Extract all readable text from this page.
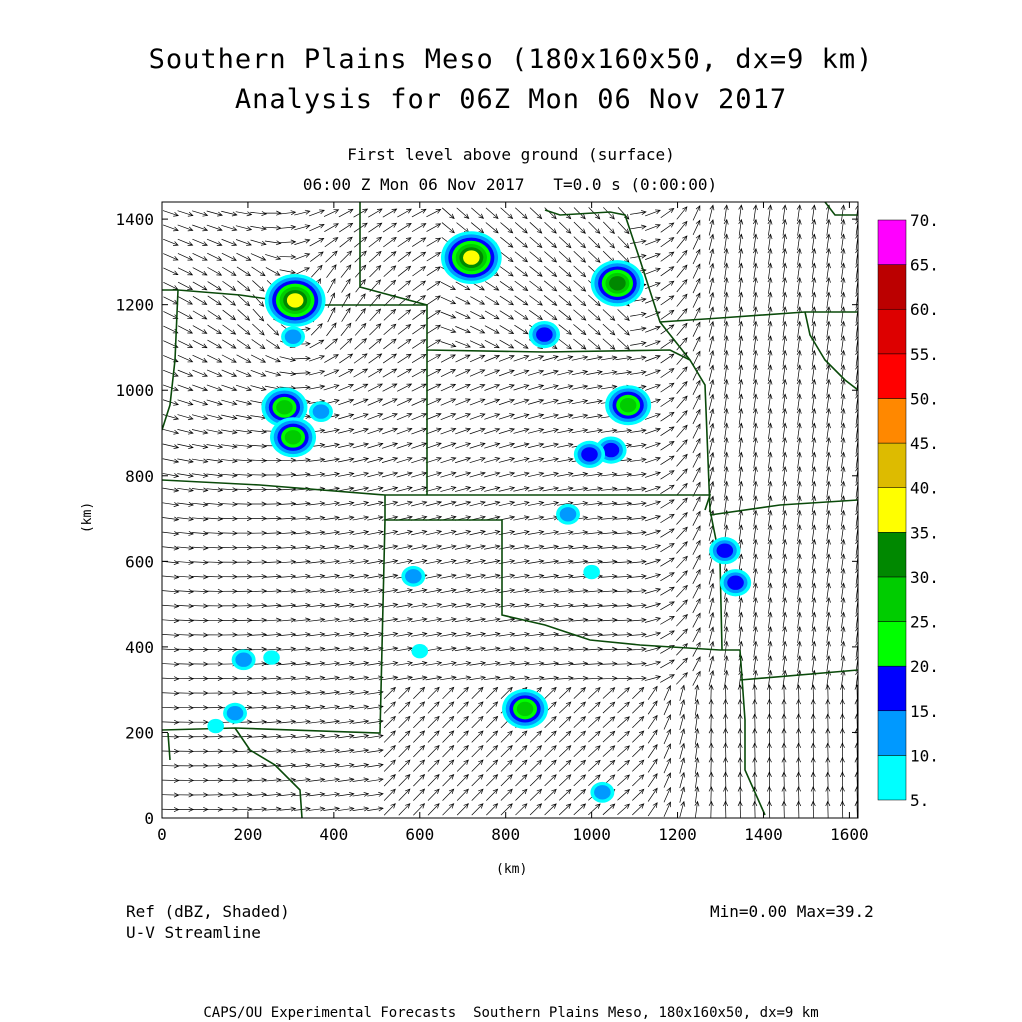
Southern Plains Meso (180x160x50, dx=9 km)
Analysis for 06Z Mon 06 Nov 2017
First level above ground (surface)
06:00 Z Mon 06 Nov 2017   T=0.0 s (0:00:00)
0	200	400	600	800	1000	1200	1400	1600
0
200
400
600
800
1000
1200
1400
5.
10.
15.
20.
25.
30.
35.
40.
45.
50.
55.
60.
65.
70.
(km)
(km)
Ref (dBZ, Shaded)
U-V Streamline
Min=0.00 Max=39.2
CAPS/OU Experimental Forecasts  Southern Plains Meso, 180x160x50, dx=9 km
